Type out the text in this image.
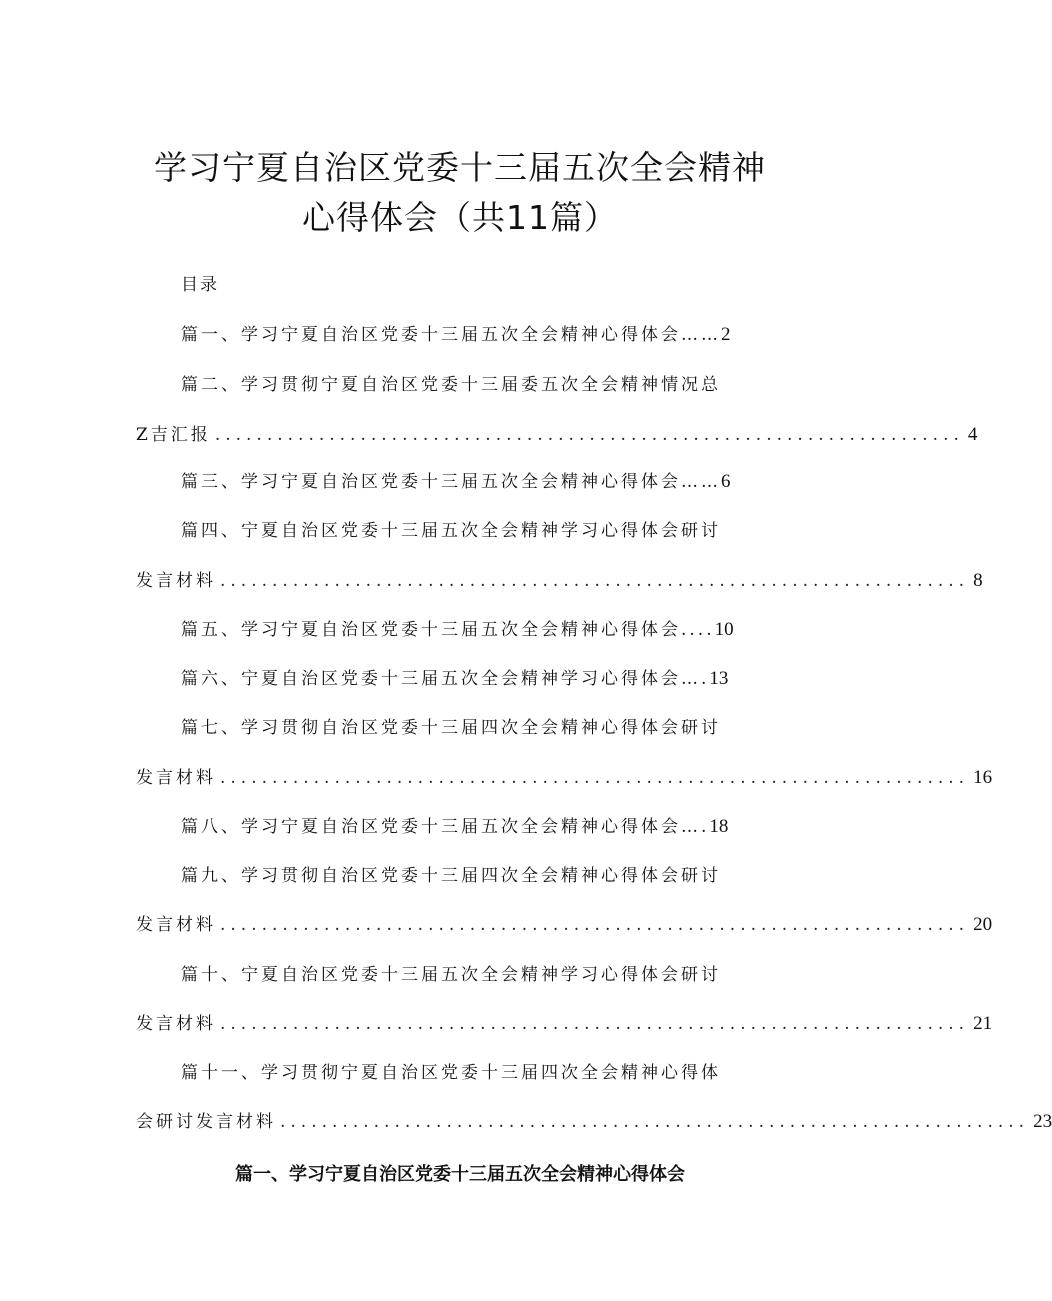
学习宁夏自治区党委十三届五次全会精神
心得体会（共11篇）
目录
篇一、学习宁夏自治区党委十三届五次全会精神心得体会……2
篇二、学习贯彻宁夏自治区党委十三届委五次全会精神情况总
Z吉汇报 ........................................................................ 4
篇三、学习宁夏自治区党委十三届五次全会精神心得体会……6
篇四、宁夏自治区党委十三届五次全会精神学习心得体会研讨
发言材料 ........................................................................ 8
篇五、学习宁夏自治区党委十三届五次全会精神心得体会....10
篇六、宁夏自治区党委十三届五次全会精神学习心得体会….13
篇七、学习贯彻自治区党委十三届四次全会精神心得体会研讨
发言材料 ........................................................................ 16
篇八、学习宁夏自治区党委十三届五次全会精神心得体会….18
篇九、学习贯彻自治区党委十三届四次全会精神心得体会研讨
发言材料 ........................................................................ 20
篇十、宁夏自治区党委十三届五次全会精神学习心得体会研讨
发言材料 ........................................................................ 21
篇十一、学习贯彻宁夏自治区党委十三届四次全会精神心得体
会研讨发言材料 ........................................................................ 23
篇一、学习宁夏自治区党委十三届五次全会精神心得体会
